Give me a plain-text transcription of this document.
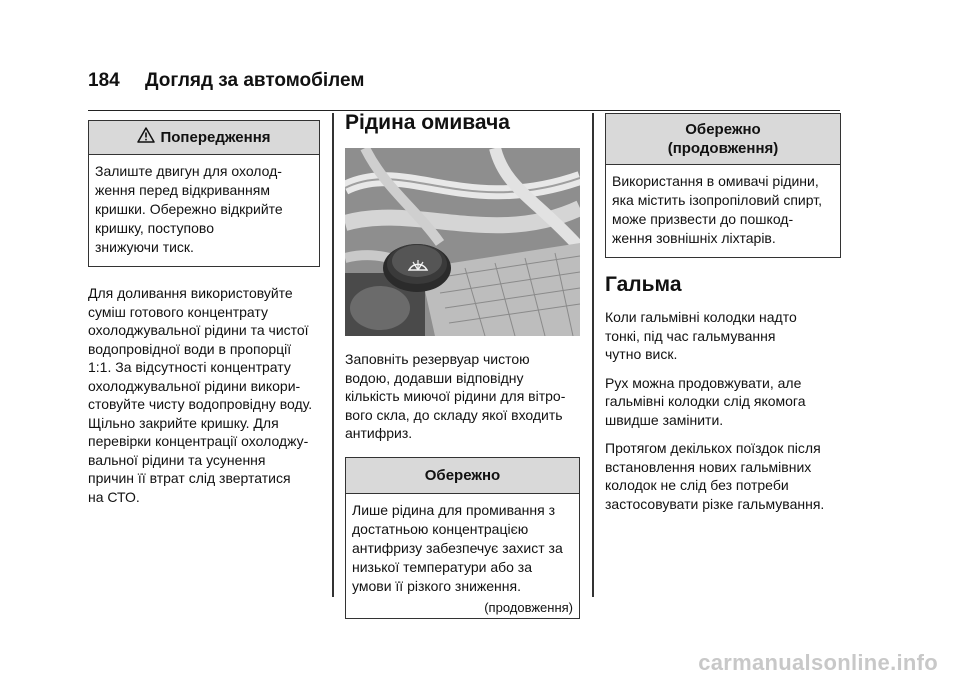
184 Догляд за автомобілем
Попередження
Залиште двигун для охолод-
ження перед відкриванням
кришки. Обережно відкрийте
кришку, поступово
знижуючи тиск.
Для доливання використовуйте
суміш готового концентрату
охолоджувальної рідини та чистої
водопровідної води в пропорції
1:1. За відсутності концентрату
охолоджувальної рідини викори-
стовуйте чисту водопровідну воду.
Щільно закрийте кришку. Для
перевірки концентрації охолоджу-
вальної рідини та усунення
причин її втрат слід звертатися
на СТО.
Рідина омивача
Заповніть резервуар чистою
водою, додавши відповідну
кількість миючої рідини для вітро-
вого скла, до складу якої входить
антифриз.
Обережно
Лише рідина для промивання з
достатньою концентрацією
антифризу забезпечує захист за
низької температури або за
умови її різкого зниження.
(продовження)
Обережно
(продовження)
Використання в омивачі рідини,
яка містить ізопропіловий спирт,
може призвести до пошкод-
ження зовнішніх ліхтарів.
Гальма
Коли гальмівні колодки надто
тонкі, під час гальмування
чутно виск.
Рух можна продовжувати, але
гальмівні колодки слід якомога
швидше замінити.
Протягом декількох поїздок після
встановлення нових гальмівних
колодок не слід без потреби
застосовувати різке гальмування.
carmanualsonline.info
